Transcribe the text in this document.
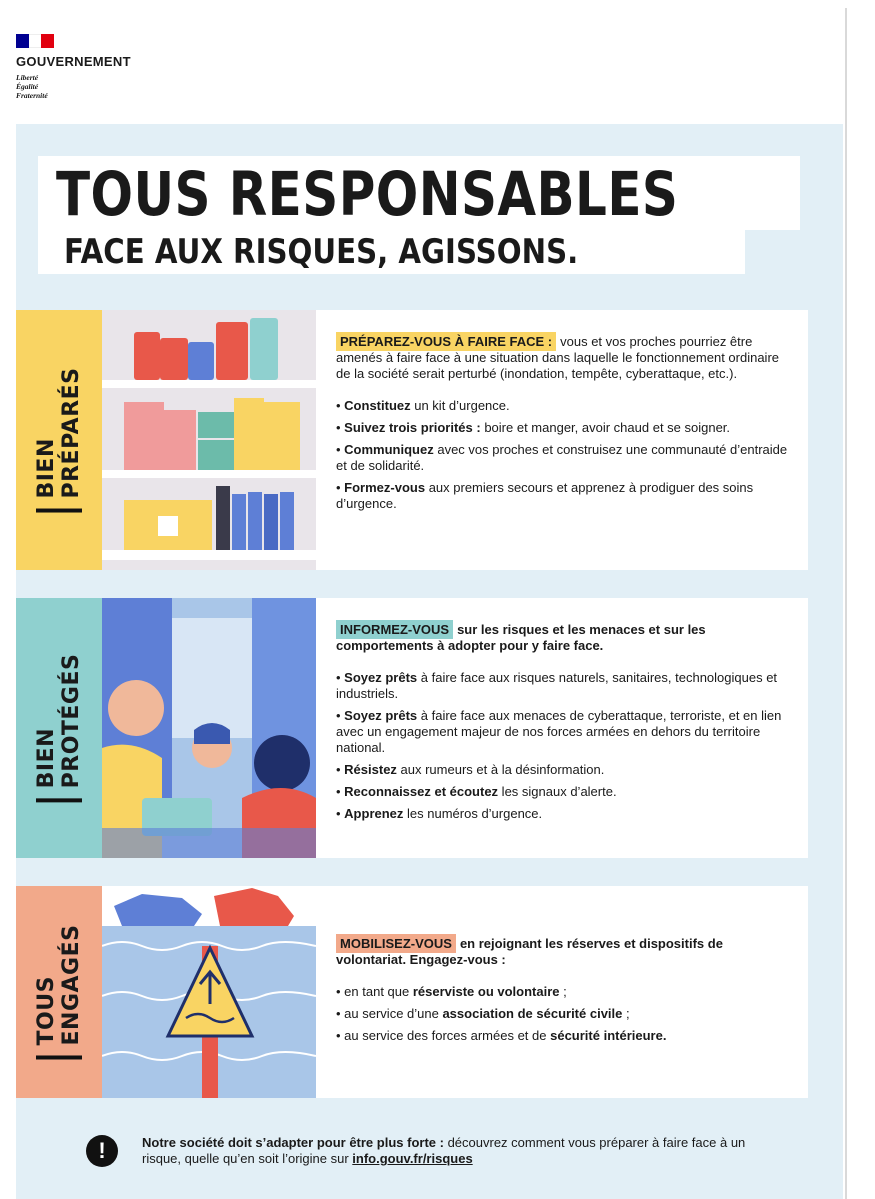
GOUVERNEMENT
Liberté
Égalité
Fraternité
TOUS RESPONSABLES
FACE AUX RISQUES, AGISSONS.
BIEN PRÉPARÉS

PRÉPAREZ-VOUS À FAIRE FACE : vous et vos proches pourriez être amenés à faire face à une situation dans laquelle le fonctionnement ordinaire de la société serait perturbé (inondation, tempête, cyberattaque, etc.).

• Constituez un kit d’urgence.
• Suivez trois priorités : boire et manger, avoir chaud et se soigner.
• Communiquez avec vos proches et construisez une communauté d’entraide et de solidarité.
• Formez-vous aux premiers secours et apprenez à prodiguer des soins d’urgence.
BIEN PROTÉGÉS

INFORMEZ-VOUS sur les risques et les menaces et sur les comportements à adopter pour y faire face.

• Soyez prêts à faire face aux risques naturels, sanitaires, technologiques et industriels.
• Soyez prêts à faire face aux menaces de cyberattaque, terroriste, et en lien avec un engagement majeur de nos forces armées en dehors du territoire national.
• Résistez aux rumeurs et à la désinformation.
• Reconnaissez et écoutez les signaux d’alerte.
• Apprenez les numéros d’urgence.
TOUS ENGAGÉS	MOBILISEZ-VOUS en rejoignant les réserves et dispositifs de volontariat. Engagez-vous :

• en tant que réserviste ou volontaire ;
• au service d’une association de sécurité civile ;
• au service des forces armées et de sécurité intérieure.
!	Notre société doit s’adapter pour être plus forte : découvrez comment vous préparer à faire face à un risque, quelle qu’en soit l’origine sur info.gouv.fr/risques
